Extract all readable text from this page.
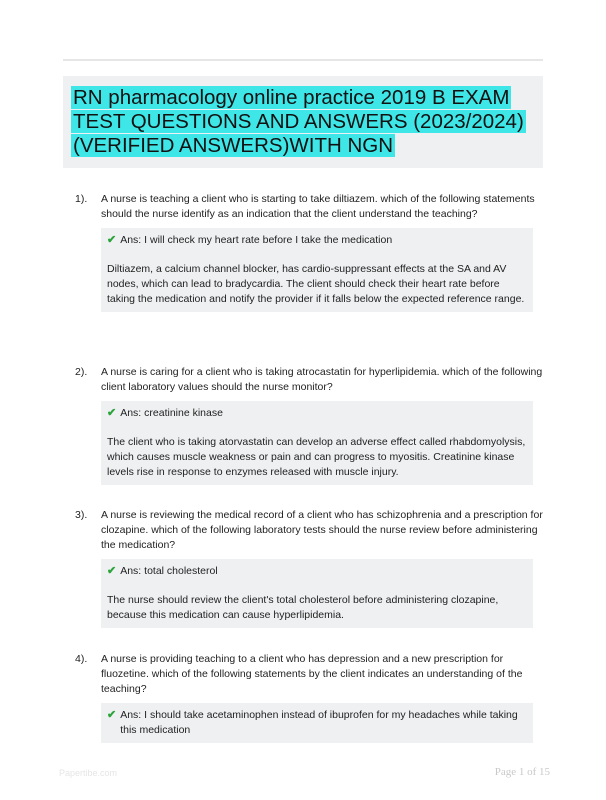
RN pharmacology online practice 2019 B EXAM
TEST QUESTIONS AND ANSWERS (2023/2024)
(VERIFIED ANSWERS)WITH NGN
1). A nurse is teaching a client who is starting to take diltiazem. which of the following statements should the nurse identify as an indication that the client understand the teaching?
✔ Ans: I will check my heart rate before I take the medication
Diltiazem, a calcium channel blocker, has cardio-suppressant effects at the SA and AV nodes, which can lead to bradycardia. The client should check their heart rate before taking the medication and notify the provider if it falls below the expected reference range.
2). A nurse is caring for a client who is taking atrocastatin for hyperlipidemia. which of the following client laboratory values should the nurse monitor?
✔ Ans: creatinine kinase
The client who is taking atorvastatin can develop an adverse effect called rhabdomyolysis, which causes muscle weakness or pain and can progress to myositis. Creatinine kinase levels rise in response to enzymes released with muscle injury.
3). A nurse is reviewing the medical record of a client who has schizophrenia and a prescription for clozapine. which of the following laboratory tests should the nurse review before administering the medication?
✔ Ans: total cholesterol
The nurse should review the client's total cholesterol before administering clozapine, because this medication can cause hyperlipidemia.
4). A nurse is providing teaching to a client who has depression and a new prescription for fluozetine. which of the following statements by the client indicates an understanding of the teaching?
✔ Ans: I should take acetaminophen instead of ibuprofen for my headaches while taking this medication
Papertibe.com	Page 1 of 15
